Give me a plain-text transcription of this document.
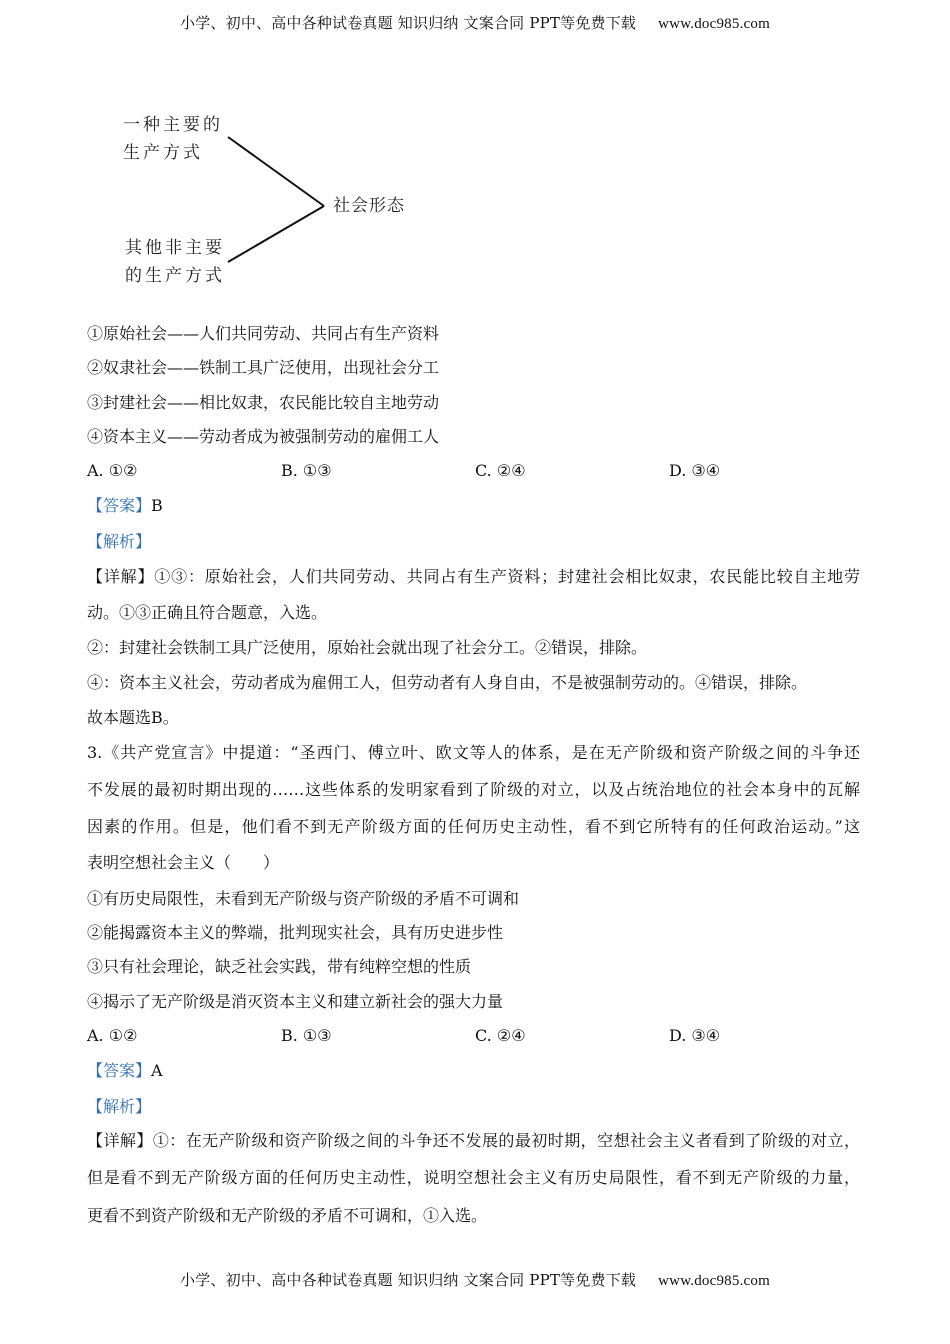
小学、初中、高中各种试卷真题 知识归纳 文案合同 PPT等免费下载 www.doc985.com
一种主要的
生产方式
其他非主要
的生产方式
社会形态
①原始社会——人们共同劳动、共同占有生产资料
②奴隶社会——铁制工具广泛使用，出现社会分工
③封建社会——相比奴隶，农民能比较自主地劳动
④资本主义——劳动者成为被强制劳动的雇佣工人
A. ①②	B. ①③	C. ②④	D. ③④
【答案】B
【解析】
【详解】①③：原始社会，人们共同劳动、共同占有生产资料；封建社会相比奴隶，农民能比较自主地劳
动。①③正确且符合题意，入选。
②：封建社会铁制工具广泛使用，原始社会就出现了社会分工。②错误，排除。
④：资本主义社会，劳动者成为雇佣工人，但劳动者有人身自由，不是被强制劳动的。④错误，排除。
故本题选B。
3.《共产党宣言》中提道：“圣西门、傅立叶、欧文等人的体系，是在无产阶级和资产阶级之间的斗争还
不发展的最初时期出现的……这些体系的发明家看到了阶级的对立，以及占统治地位的社会本身中的瓦解
因素的作用。但是，他们看不到无产阶级方面的任何历史主动性，看不到它所特有的任何政治运动。”这
表明空想社会主义（　　）
①有历史局限性，未看到无产阶级与资产阶级的矛盾不可调和
②能揭露资本主义的弊端，批判现实社会，具有历史进步性
③只有社会理论，缺乏社会实践，带有纯粹空想的性质
④揭示了无产阶级是消灭资本主义和建立新社会的强大力量
A. ①②	B. ①③	C. ②④	D. ③④
【答案】A
【解析】
【详解】①：在无产阶级和资产阶级之间的斗争还不发展的最初时期，空想社会主义者看到了阶级的对立，
但是看不到无产阶级方面的任何历史主动性，说明空想社会主义有历史局限性，看不到无产阶级的力量，
更看不到资产阶级和无产阶级的矛盾不可调和，①入选。
小学、初中、高中各种试卷真题 知识归纳 文案合同 PPT等免费下载 www.doc985.com
